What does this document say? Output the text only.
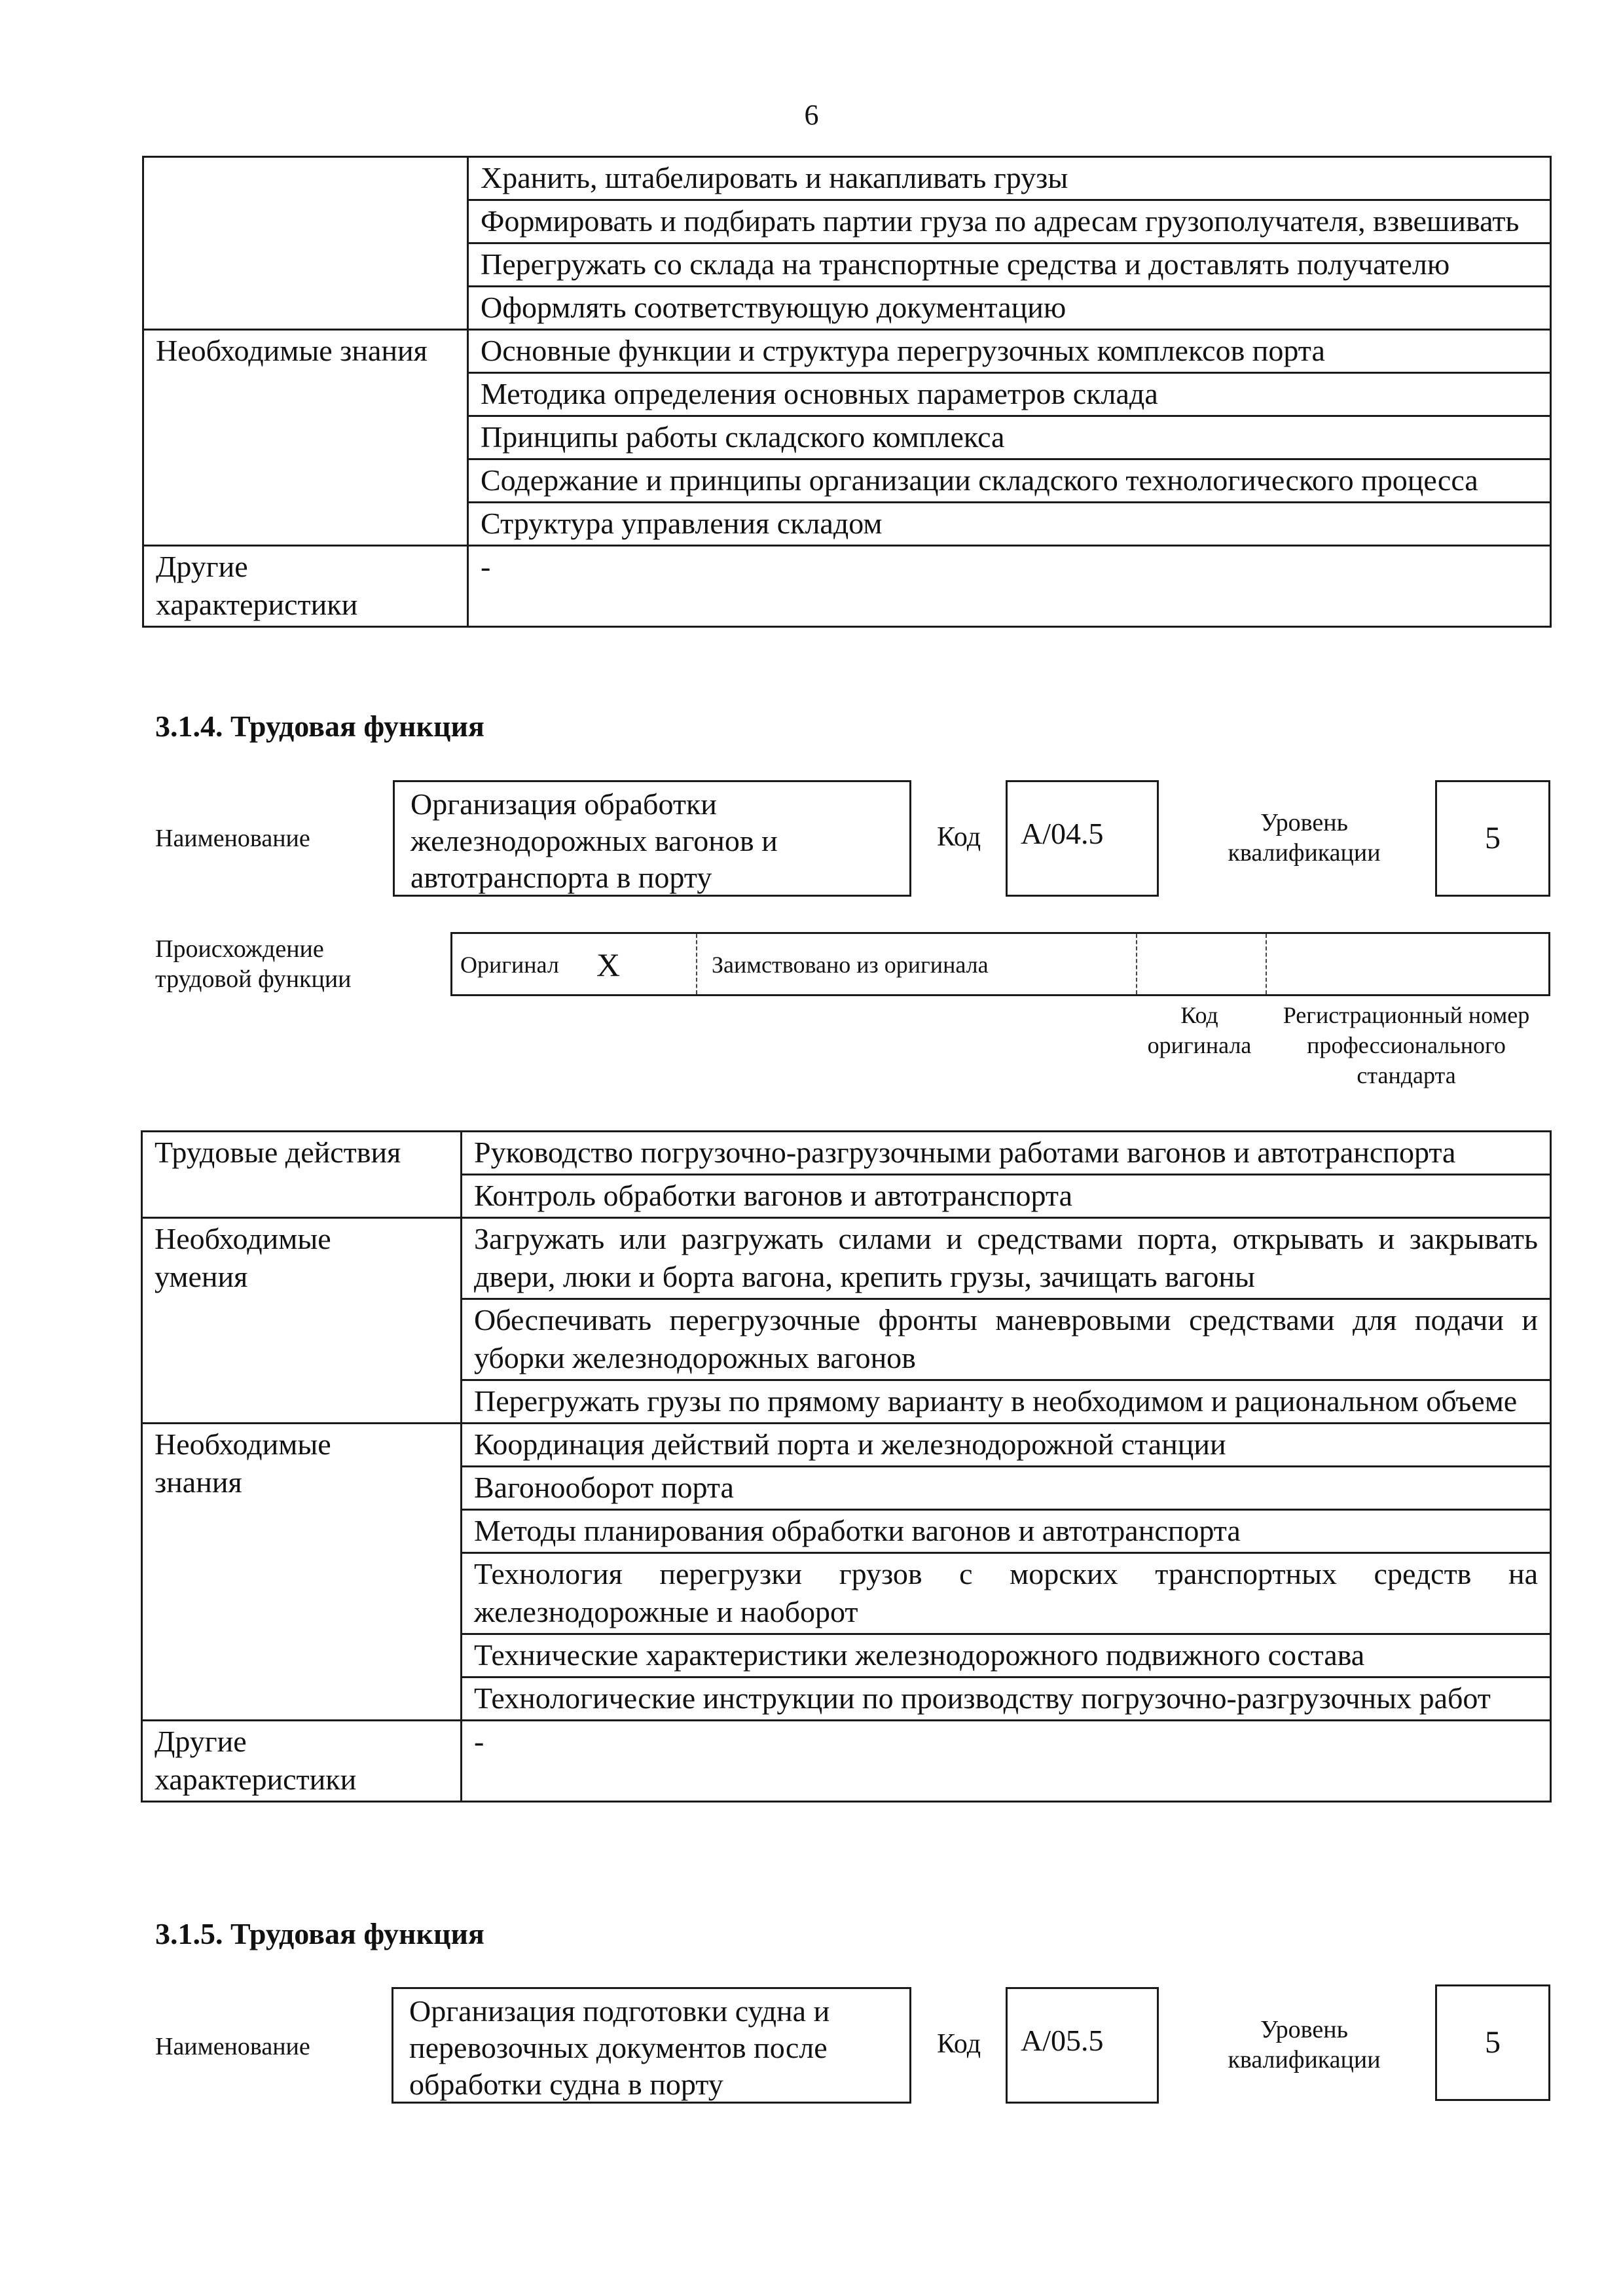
6
	Хранить, штабелировать и накапливать грузы
	Формировать и подбирать партии груза по адресам грузополучателя, взвешивать
	Перегружать со склада на транспортные средства и доставлять получателю
	Оформлять соответствующую документацию
Необходимые знания	Основные функции и структура перегрузочных комплексов порта
	Методика определения основных параметров склада
	Принципы работы складского комплекса
	Содержание и принципы организации складского технологического процесса
	Структура управления складом
Другие характеристики	-
3.1.4. Трудовая функция
Наименование
Организация обработки железнодорожных вагонов и автотранспорта в порту
Код	А/04.5	Уровень квалификации	5
Происхождение трудовой функции
Оригинал Х	Заимствовано из оригинала
Код оригинала
Регистрационный номер профессионального стандарта
Трудовые действия	Руководство погрузочно-разгрузочными работами вагонов и автотранспорта
	Контроль обработки вагонов и автотранспорта
Необходимые умения	Загружать или разгружать силами и средствами порта, открывать и закрывать двери, люки и борта вагона, крепить грузы, зачищать вагоны
	Обеспечивать перегрузочные фронты маневровыми средствами для подачи и уборки железнодорожных вагонов
	Перегружать грузы по прямому варианту в необходимом и рациональном объеме
Необходимые знания	Координация действий порта и железнодорожной станции
	Вагонооборот порта
	Методы планирования обработки вагонов и автотранспорта
	Технология перегрузки грузов с морских транспортных средств на железнодорожные и наоборот
	Технические характеристики железнодорожного подвижного состава
	Технологические инструкции по производству погрузочно-разгрузочных работ
Другие характеристики	-
3.1.5. Трудовая функция
Наименование
Организация подготовки судна и перевозочных документов после обработки судна в порту
Код	А/05.5	Уровень квалификации	5
